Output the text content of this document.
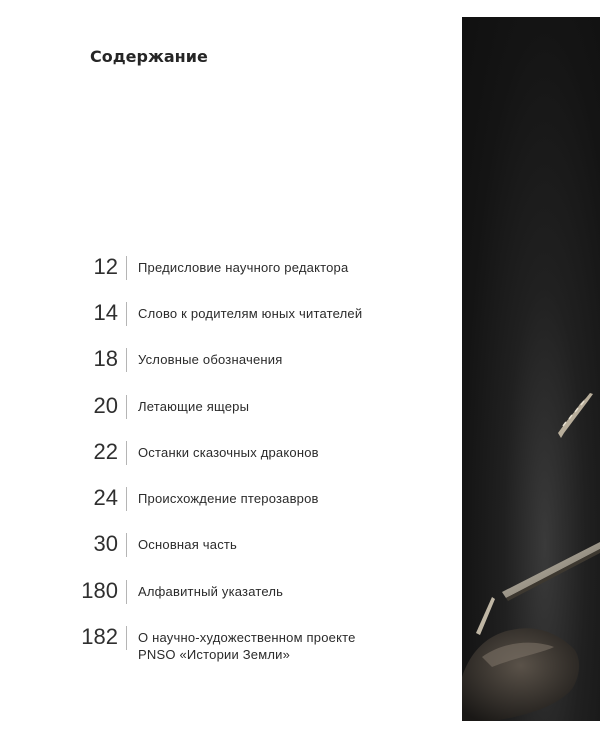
Содержание
12	Предисловие научного редактора
14	Слово к родителям юных читателей
18	Условные обозначения
20	Летающие ящеры
22	Останки сказочных драконов
24	Происхождение птерозавров
30	Основная часть
180	Алфавитный указатель
182	О научно-художественном проекте
PNSO «Истории Земли»
